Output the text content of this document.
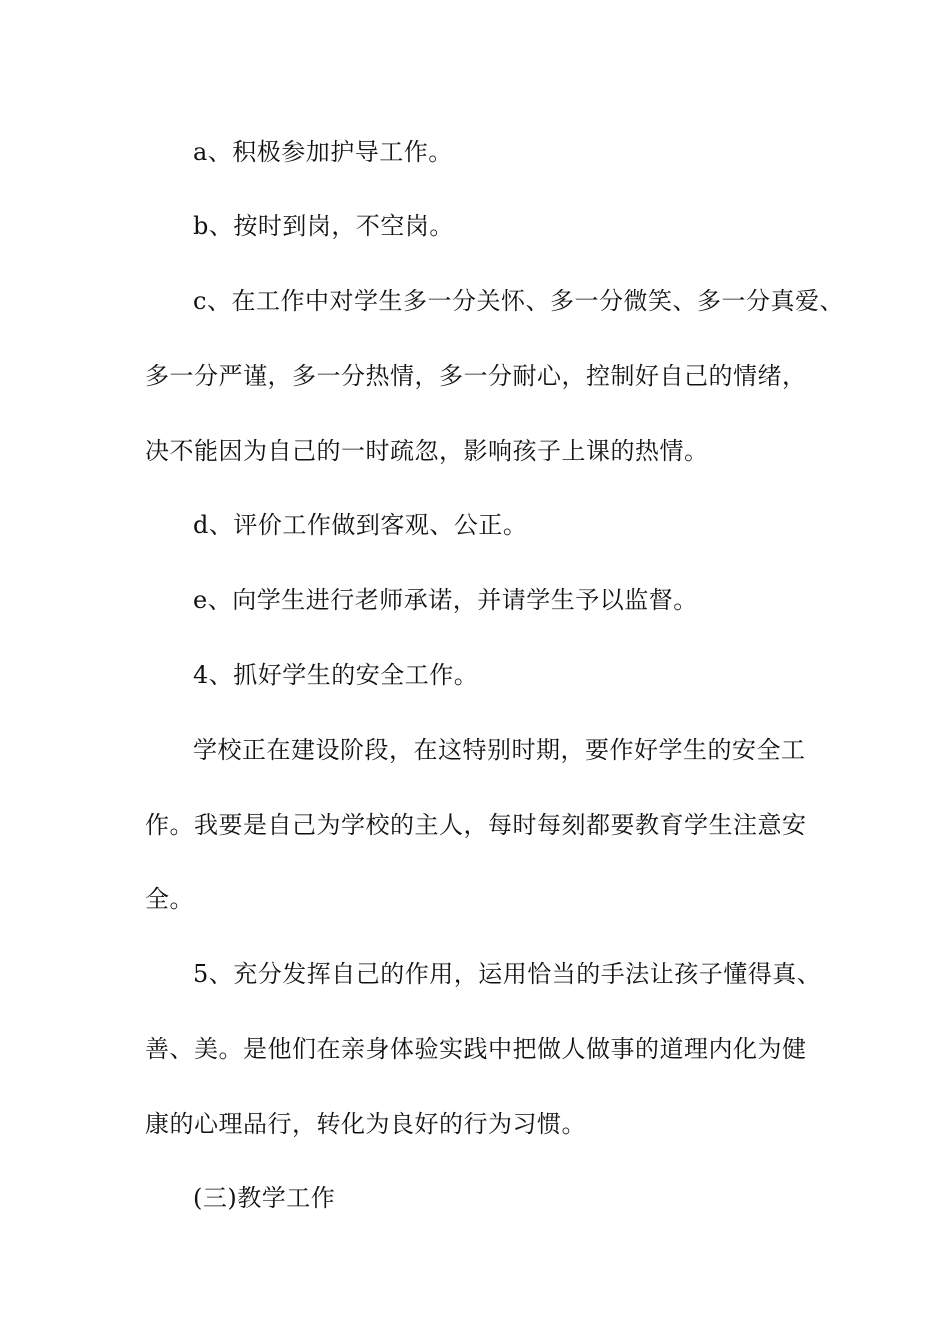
a、积极参加护导工作。
b、按时到岗，不空岗。
c、在工作中对学生多一分关怀、多一分微笑、多一分真爱、
多一分严谨，多一分热情，多一分耐心，控制好自己的情绪，
决不能因为自己的一时疏忽，影响孩子上课的热情。
d、评价工作做到客观、公正。
e、向学生进行老师承诺，并请学生予以监督。
4、抓好学生的安全工作。
学校正在建设阶段，在这特别时期，要作好学生的安全工
作。我要是自己为学校的主人，每时每刻都要教育学生注意安
全。
5、充分发挥自己的作用，运用恰当的手法让孩子懂得真、
善、美。是他们在亲身体验实践中把做人做事的道理内化为健
康的心理品行，转化为良好的行为习惯。
(三)教学工作
